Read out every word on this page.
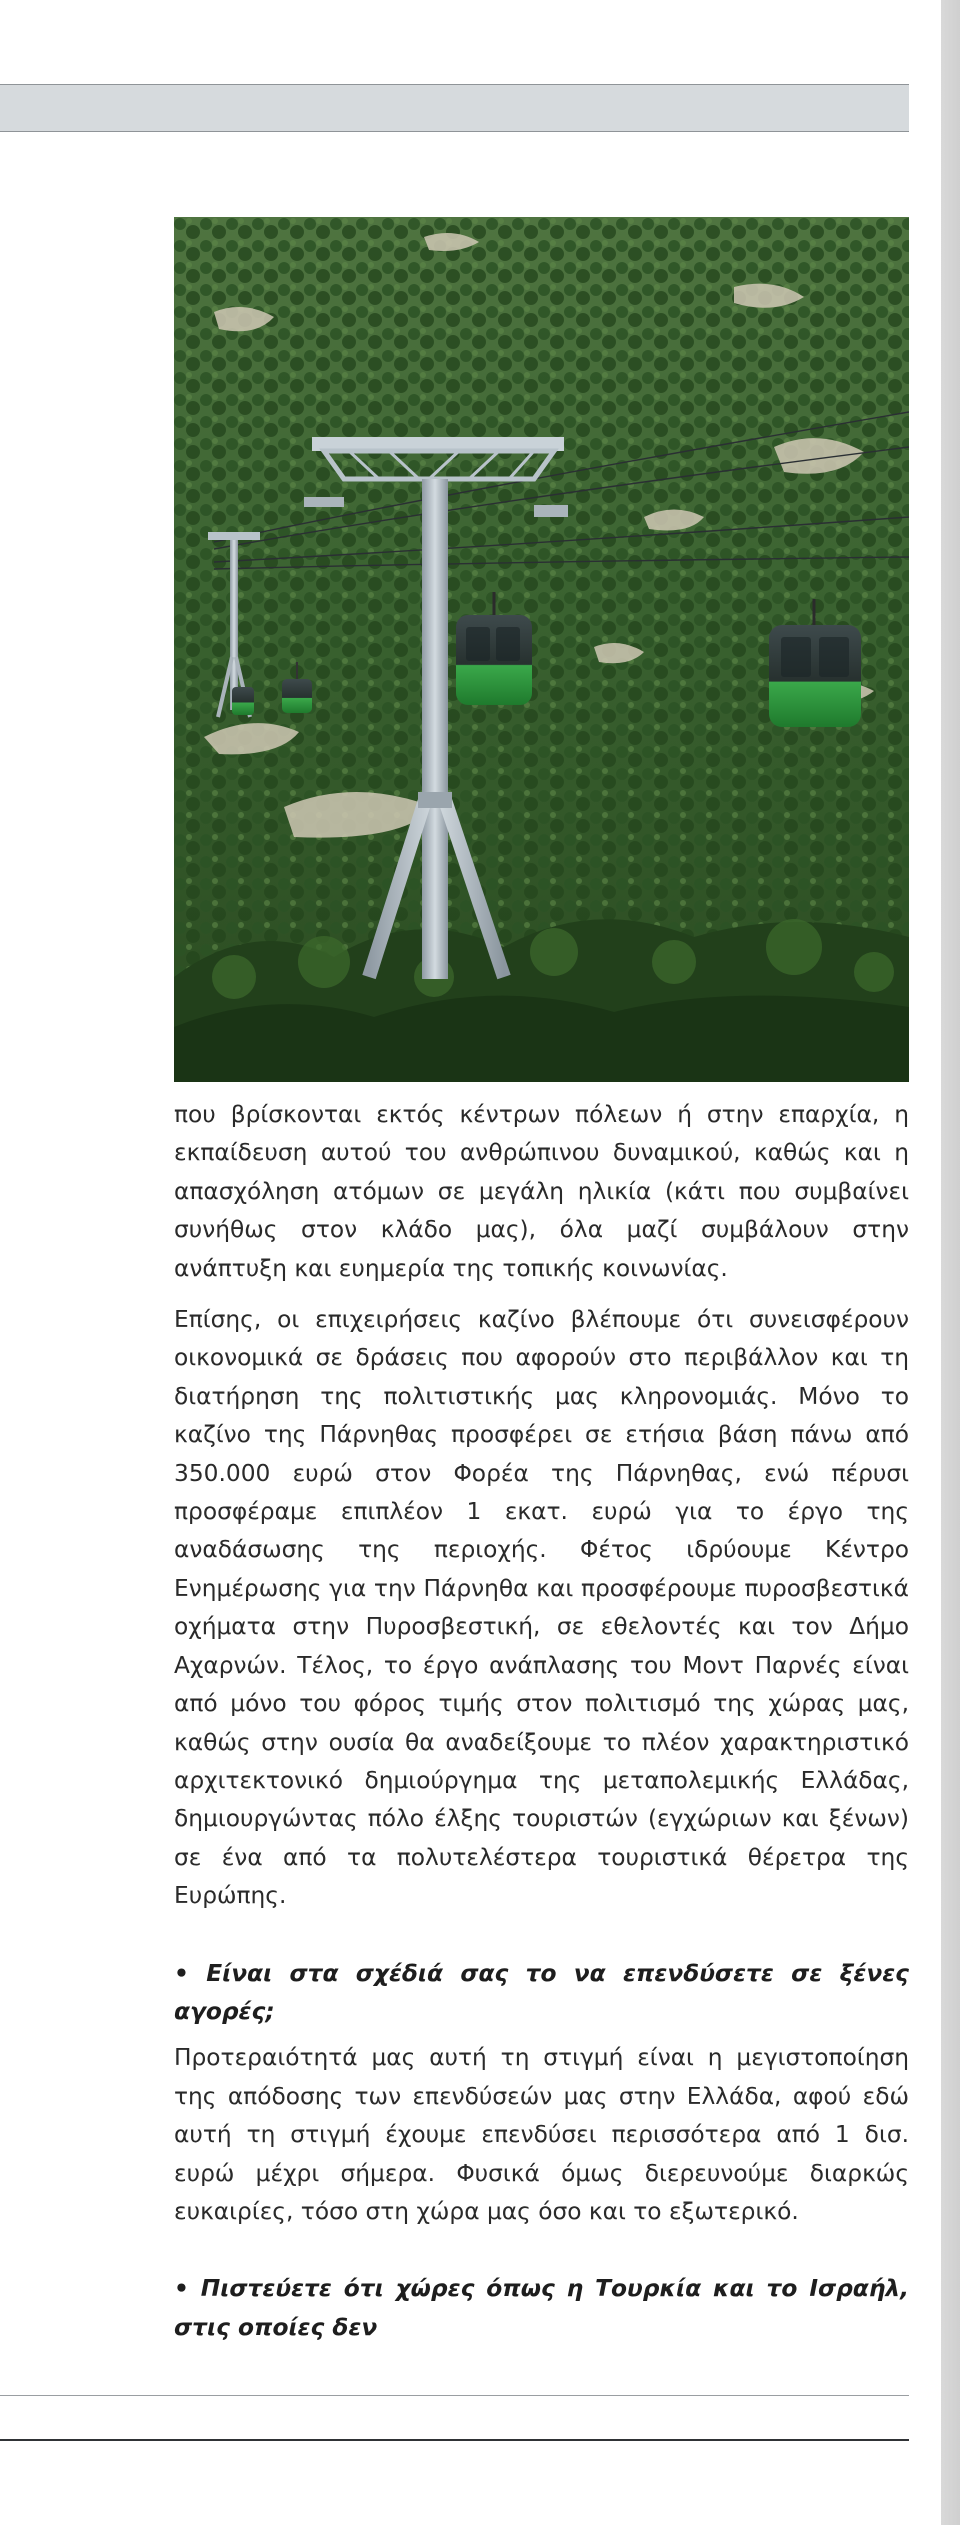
που βρίσκονται εκτός κέντρων πόλεων ή στην επαρχία, η εκπαίδευση αυτού του ανθρώπινου δυναμικού, καθώς και η απασχόληση ατόμων σε μεγάλη ηλικία (κάτι που συμβαίνει συνήθως στον κλάδο μας), όλα μαζί συμβάλουν στην ανάπτυξη και ευημερία της τοπικής κοινωνίας.

Επίσης, οι επιχειρήσεις καζίνο βλέπουμε ότι συνεισφέρουν οικονομικά σε δράσεις που αφορούν στο περιβάλλον και τη διατήρηση της πολιτιστικής μας κληρονομιάς. Μόνο το καζίνο της Πάρνηθας προσφέρει σε ετήσια βάση πάνω από 350.000 ευρώ στον Φορέα της Πάρνηθας, ενώ πέρυσι προσφέραμε επιπλέον 1 εκατ. ευρώ για το έργο της αναδάσωσης της περιοχής. Φέτος ιδρύουμε Κέντρο Ενημέρωσης για την Πάρνηθα και προσφέρουμε πυροσβεστικά οχήματα στην Πυροσβεστική, σε εθελοντές και τον Δήμο Αχαρνών. Τέλος, το έργο ανάπλασης του Μοντ Παρνές είναι από μόνο του φόρος τιμής στον πολιτισμό της χώρας μας, καθώς στην ουσία θα αναδείξουμε το πλέον χαρακτηριστικό αρχιτεκτονικό δημιούργημα της μεταπολεμικής Ελλάδας, δημιουργώντας πόλο έλξης τουριστών (εγχώριων και ξένων) σε ένα από τα πολυτελέστερα τουριστικά θέρετρα της Ευρώπης.

• Είναι στα σχέδιά σας το να επενδύσετε σε ξένες αγορές;

Προτεραιότητά μας αυτή τη στιγμή είναι η μεγιστοποίηση της απόδοσης των επενδύσεών μας στην Ελλάδα, αφού εδώ αυτή τη στιγμή έχουμε επενδύσει περισσότερα από 1 δισ. ευρώ μέχρι σήμερα. Φυσικά όμως διερευνούμε διαρκώς ευκαιρίες, τόσο στη χώρα μας όσο και το εξωτερικό.

• Πιστεύετε ότι χώρες όπως η Τουρκία και το Ισραήλ, στις οποίες δεν
